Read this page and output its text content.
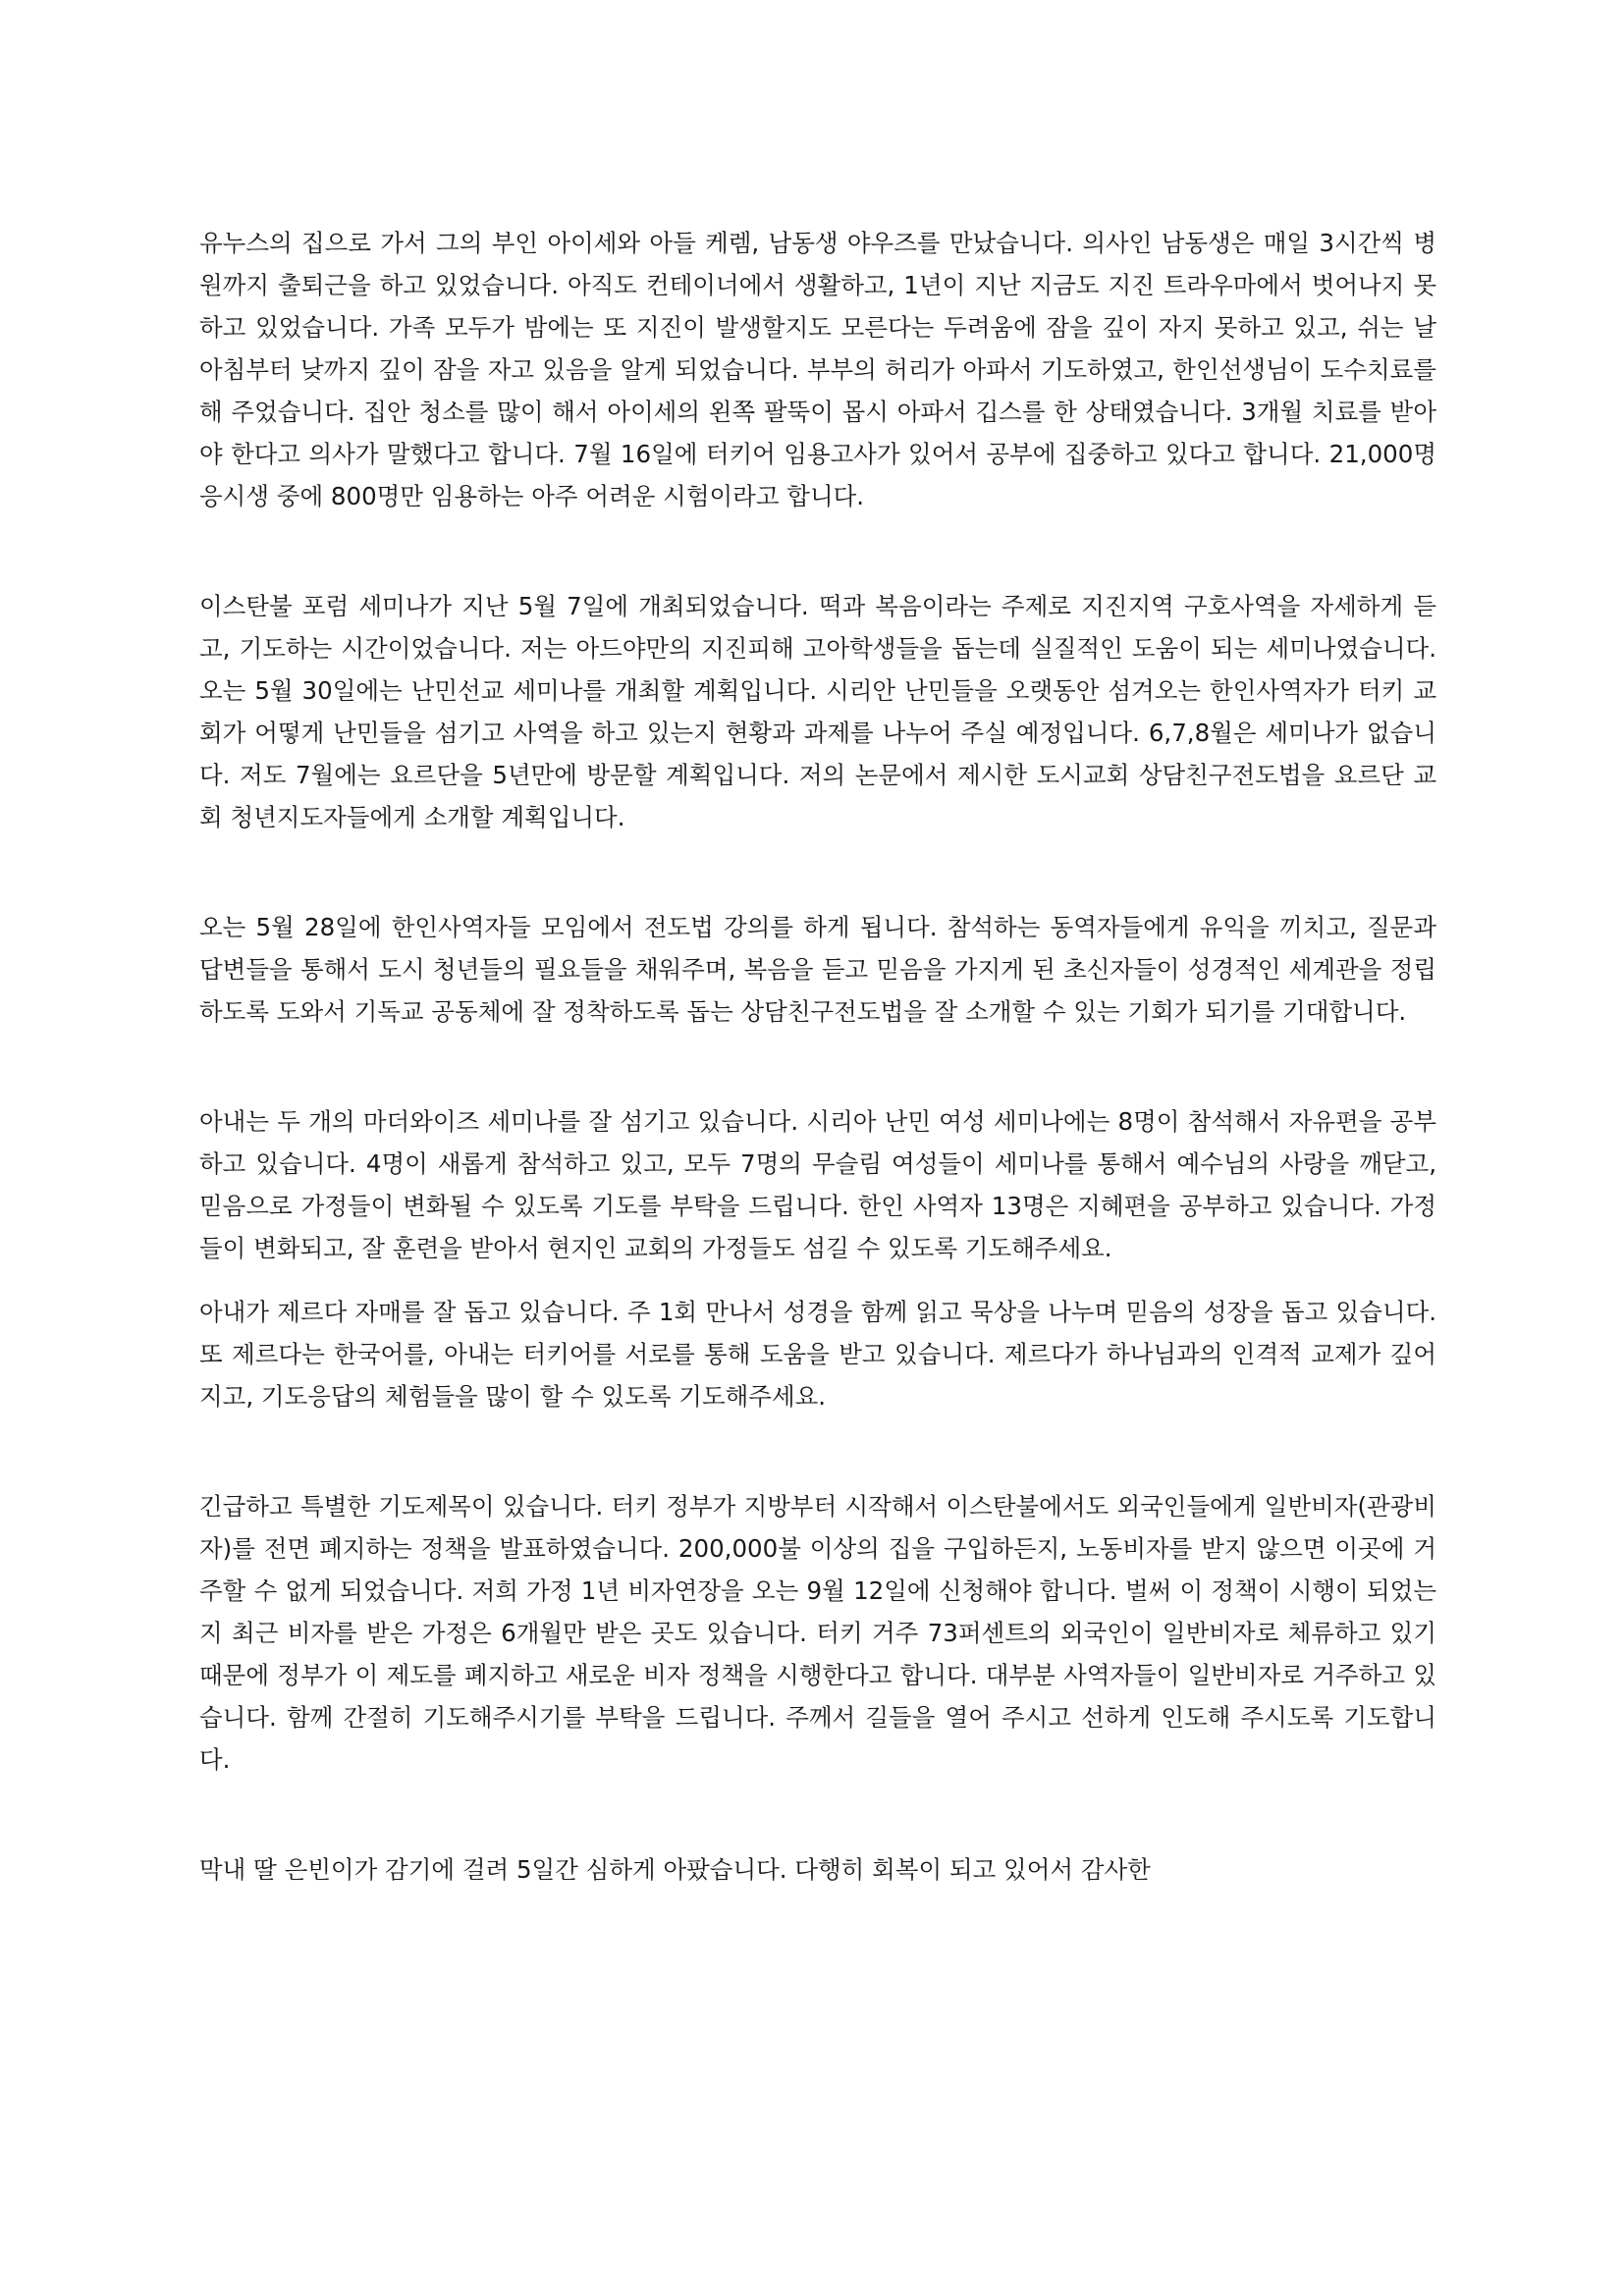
유누스의 집으로 가서 그의 부인 아이세와 아들 케렘, 남동생 야우즈를 만났습니다. 의사인 남동생은 매일 3시간씩 병원까지 출퇴근을 하고 있었습니다. 아직도 컨테이너에서 생활하고, 1년이 지난 지금도 지진 트라우마에서 벗어나지 못하고 있었습니다. 가족 모두가 밤에는 또 지진이 발생할지도 모른다는 두려움에 잠을 깊이 자지 못하고 있고, 쉬는 날 아침부터 낮까지 깊이 잠을 자고 있음을 알게 되었습니다. 부부의 허리가 아파서 기도하였고, 한인선생님이 도수치료를 해 주었습니다. 집안 청소를 많이 해서 아이세의 왼쪽 팔뚝이 몹시 아파서 깁스를 한 상태였습니다. 3개월 치료를 받아야 한다고 의사가 말했다고 합니다. 7월 16일에 터키어 임용고사가 있어서 공부에 집중하고 있다고 합니다. 21,000명 응시생 중에 800명만 임용하는 아주 어려운 시험이라고 합니다.

이스탄불 포럼 세미나가 지난 5월 7일에 개최되었습니다. 떡과 복음이라는 주제로 지진지역 구호사역을 자세하게 듣고, 기도하는 시간이었습니다. 저는 아드야만의 지진피해 고아학생들을 돕는데 실질적인 도움이 되는 세미나였습니다. 오는 5월 30일에는 난민선교 세미나를 개최할 계획입니다. 시리안 난민들을 오랫동안 섬겨오는 한인사역자가 터키 교회가 어떻게 난민들을 섬기고 사역을 하고 있는지 현황과 과제를 나누어 주실 예정입니다. 6,7,8월은 세미나가 없습니다. 저도 7월에는 요르단을 5년만에 방문할 계획입니다. 저의 논문에서 제시한 도시교회 상담친구전도법을 요르단 교회 청년지도자들에게 소개할 계획입니다.

오는 5월 28일에 한인사역자들 모임에서 전도법 강의를 하게 됩니다. 참석하는 동역자들에게 유익을 끼치고, 질문과 답변들을 통해서 도시 청년들의 필요들을 채워주며, 복음을 듣고 믿음을 가지게 된 초신자들이 성경적인 세계관을 정립하도록 도와서 기독교 공동체에 잘 정착하도록 돕는 상담친구전도법을 잘 소개할 수 있는 기회가 되기를 기대합니다.

아내는 두 개의 마더와이즈 세미나를 잘 섬기고 있습니다. 시리아 난민 여성 세미나에는 8명이 참석해서 자유편을 공부하고 있습니다. 4명이 새롭게 참석하고 있고, 모두 7명의 무슬림 여성들이 세미나를 통해서 예수님의 사랑을 깨닫고, 믿음으로 가정들이 변화될 수 있도록 기도를 부탁을 드립니다. 한인 사역자 13명은 지혜편을 공부하고 있습니다. 가정들이 변화되고, 잘 훈련을 받아서 현지인 교회의 가정들도 섬길 수 있도록 기도해주세요.

아내가 제르다 자매를 잘 돕고 있습니다. 주 1회 만나서 성경을 함께 읽고 묵상을 나누며 믿음의 성장을 돕고 있습니다. 또 제르다는 한국어를, 아내는 터키어를 서로를 통해 도움을 받고 있습니다. 제르다가 하나님과의 인격적 교제가 깊어지고, 기도응답의 체험들을 많이 할 수 있도록 기도해주세요.

긴급하고 특별한 기도제목이 있습니다. 터키 정부가 지방부터 시작해서 이스탄불에서도 외국인들에게 일반비자(관광비자)를 전면 폐지하는 정책을 발표하였습니다. 200,000불 이상의 집을 구입하든지, 노동비자를 받지 않으면 이곳에 거주할 수 없게 되었습니다. 저희 가정 1년 비자연장을 오는 9월 12일에 신청해야 합니다. 벌써 이 정책이 시행이 되었는지 최근 비자를 받은 가정은 6개월만 받은 곳도 있습니다. 터키 거주 73퍼센트의 외국인이 일반비자로 체류하고 있기 때문에 정부가 이 제도를 폐지하고 새로운 비자 정책을 시행한다고 합니다. 대부분 사역자들이 일반비자로 거주하고 있습니다. 함께 간절히 기도해주시기를 부탁을 드립니다. 주께서 길들을 열어 주시고 선하게 인도해 주시도록 기도합니다.

막내 딸 은빈이가 감기에 걸려 5일간 심하게 아팠습니다. 다행히 회복이 되고 있어서 감사한
